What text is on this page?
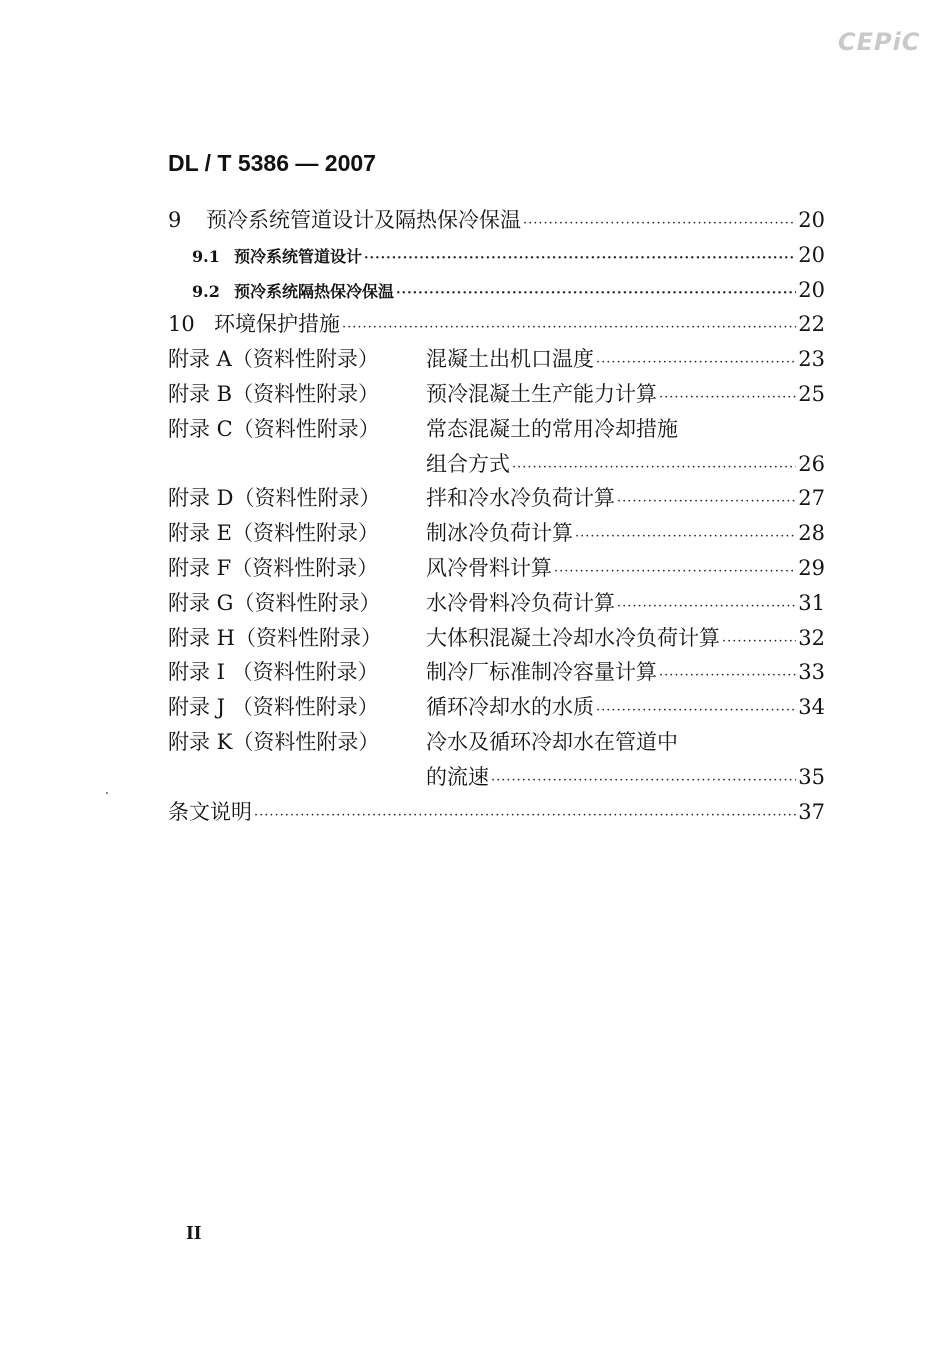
CEPiC
DL / T 5386 — 2007
9	预冷系统管道设计及隔热保冷保温 ·····	20
9.1 预冷系统管道设计 ·····	20
9.2 预冷系统隔热保冷保温 ·····	20
10 环境保护措施 ·····	22
附录 A（资料性附录）	混凝土出机口温度 ·····	23
附录 B（资料性附录）	预冷混凝土生产能力计算 ·····	25
附录 C（资料性附录）	常态混凝土的常用冷却措施
组合方式 ·····	26
附录 D（资料性附录）	拌和冷水冷负荷计算 ·····	27
附录 E（资料性附录）	制冰冷负荷计算 ·····	28
附录 F（资料性附录）	风冷骨料计算 ·····	29
附录 G（资料性附录）	水冷骨料冷负荷计算 ·····	31
附录 H（资料性附录）	大体积混凝土冷却水冷负荷计算 ·····	32
附录 I （资料性附录）	制冷厂标准制冷容量计算 ·····	33
附录 J （资料性附录）	循环冷却水的水质 ·····	34
附录 K（资料性附录）	冷水及循环冷却水在管道中
的流速 ·····	35
条文说明 ·····	37
II
